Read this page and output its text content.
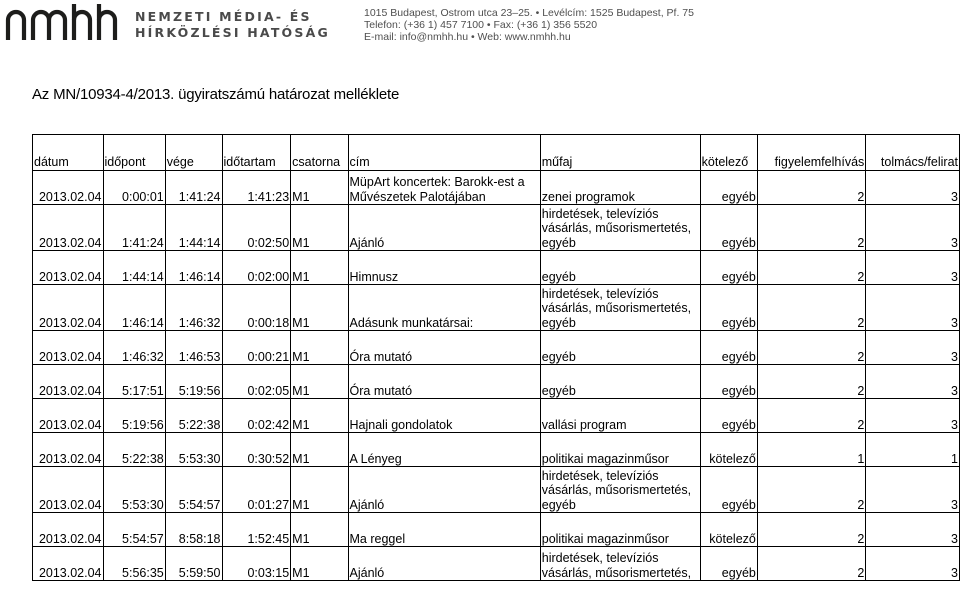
NEMZETI MÉDIA- ÉS
HÍRKÖZLÉSI HATÓSÁG
1015 Budapest, Ostrom utca 23–25. • Levélcím: 1525 Budapest, Pf. 75
Telefon: (+36 1) 457 7100 • Fax: (+36 1) 356 5520
E-mail: info@nmhh.hu • Web: www.nmhh.hu
Az MN/10934-4/2013. ügyiratszámú határozat melléklete
dátum	időpont	vége	időtartam	csatorna	cím	műfaj	kötelező	figyelemfelhívás	tolmács/felirat
2013.02.04	0:00:01	1:41:24	1:41:23	M1	MüpArt koncertek: Barokk-est a Művészetek Palotájában	zenei programok	egyéb	2	3
2013.02.04	1:41:24	1:44:14	0:02:50	M1	Ajánló	hirdetések, televíziós vásárlás, műsorismertetés, egyéb	egyéb	2	3
2013.02.04	1:44:14	1:46:14	0:02:00	M1	Himnusz	egyéb	egyéb	2	3
2013.02.04	1:46:14	1:46:32	0:00:18	M1	Adásunk munkatársai:	hirdetések, televíziós vásárlás, műsorismertetés, egyéb	egyéb	2	3
2013.02.04	1:46:32	1:46:53	0:00:21	M1	Óra mutató	egyéb	egyéb	2	3
2013.02.04	5:17:51	5:19:56	0:02:05	M1	Óra mutató	egyéb	egyéb	2	3
2013.02.04	5:19:56	5:22:38	0:02:42	M1	Hajnali gondolatok	vallási program	egyéb	2	3
2013.02.04	5:22:38	5:53:30	0:30:52	M1	A Lényeg	politikai magazinműsor	kötelező	1	1
2013.02.04	5:53:30	5:54:57	0:01:27	M1	Ajánló	hirdetések, televíziós vásárlás, műsorismertetés, egyéb	egyéb	2	3
2013.02.04	5:54:57	8:58:18	1:52:45	M1	Ma reggel	politikai magazinműsor	kötelező	2	3
2013.02.04	5:56:35	5:59:50	0:03:15	M1	Ajánló	hirdetések, televíziós vásárlás, műsorismertetés,	egyéb	2	3
